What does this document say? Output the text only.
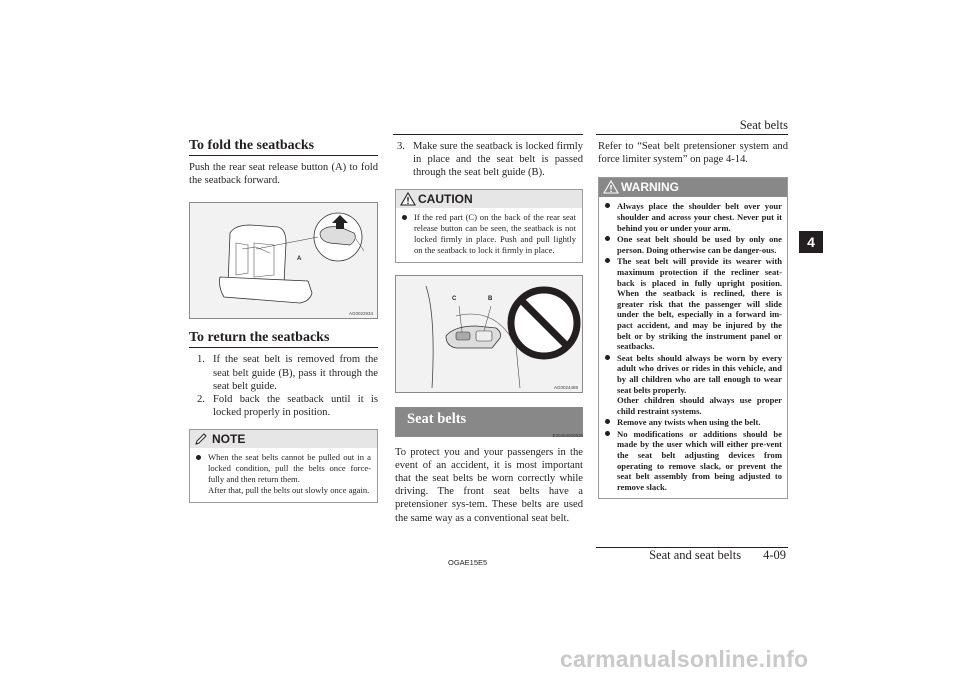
Seat belts
4
To fold the seatbacks

Push the rear seat release button (A) to fold the seatback forward.

A
AG0022934
To return the seatbacks
1. If the seat belt is removed from the seat belt guide (B), pass it through the seat belt guide.
2. Fold back the seatback until it is locked properly in position.
NOTE
When the seat belts cannot be pulled out in a locked condition, pull the belts once force-fully and then return them.
After that, pull the belts out slowly once again.
3. Make sure the seatback is locked firmly in place and the seat belt is passed through the seat belt guide (B).
CAUTION
If the red part (C) on the back of the rear seat release button can be seen, the seatback is not locked firmly in place. Push and pull lightly on the seatback to lock it firmly in place.
C	B
AG0024488
Seat belts
E00404000636

To protect you and your passengers in the event of an accident, it is most important that the seat belts be worn correctly while driving. The front seat belts have a pretensioner sys-tem. These belts are used the same way as a conventional seat belt.

Refer to “Seat belt pretensioner system and force limiter system” on page 4-14.

WARNING
Always place the shoulder belt over your shoulder and across your chest. Never put it behind you or under your arm.
One seat belt should be used by only one person. Doing otherwise can be danger-ous.
The seat belt will provide its wearer with maximum protection if the recliner seat-back is placed in fully upright position. When the seatback is reclined, there is greater risk that the passenger will slide under the belt, especially in a forward im-pact accident, and may be injured by the belt or by striking the instrument panel or seatbacks.
Seat belts should always be worn by every adult who drives or rides in this vehicle, and by all children who are tall enough to wear seat belts properly.
Other children should always use proper child restraint systems.
Remove any twists when using the belt.
No modifications or additions should be made by the user which will either pre-vent the seat belt adjusting devices from operating to remove slack, or prevent the seat belt assembly from being adjusted to remove slack.
OGAE15E5
Seat and seat belts 4-09
carmanualsonline.info
